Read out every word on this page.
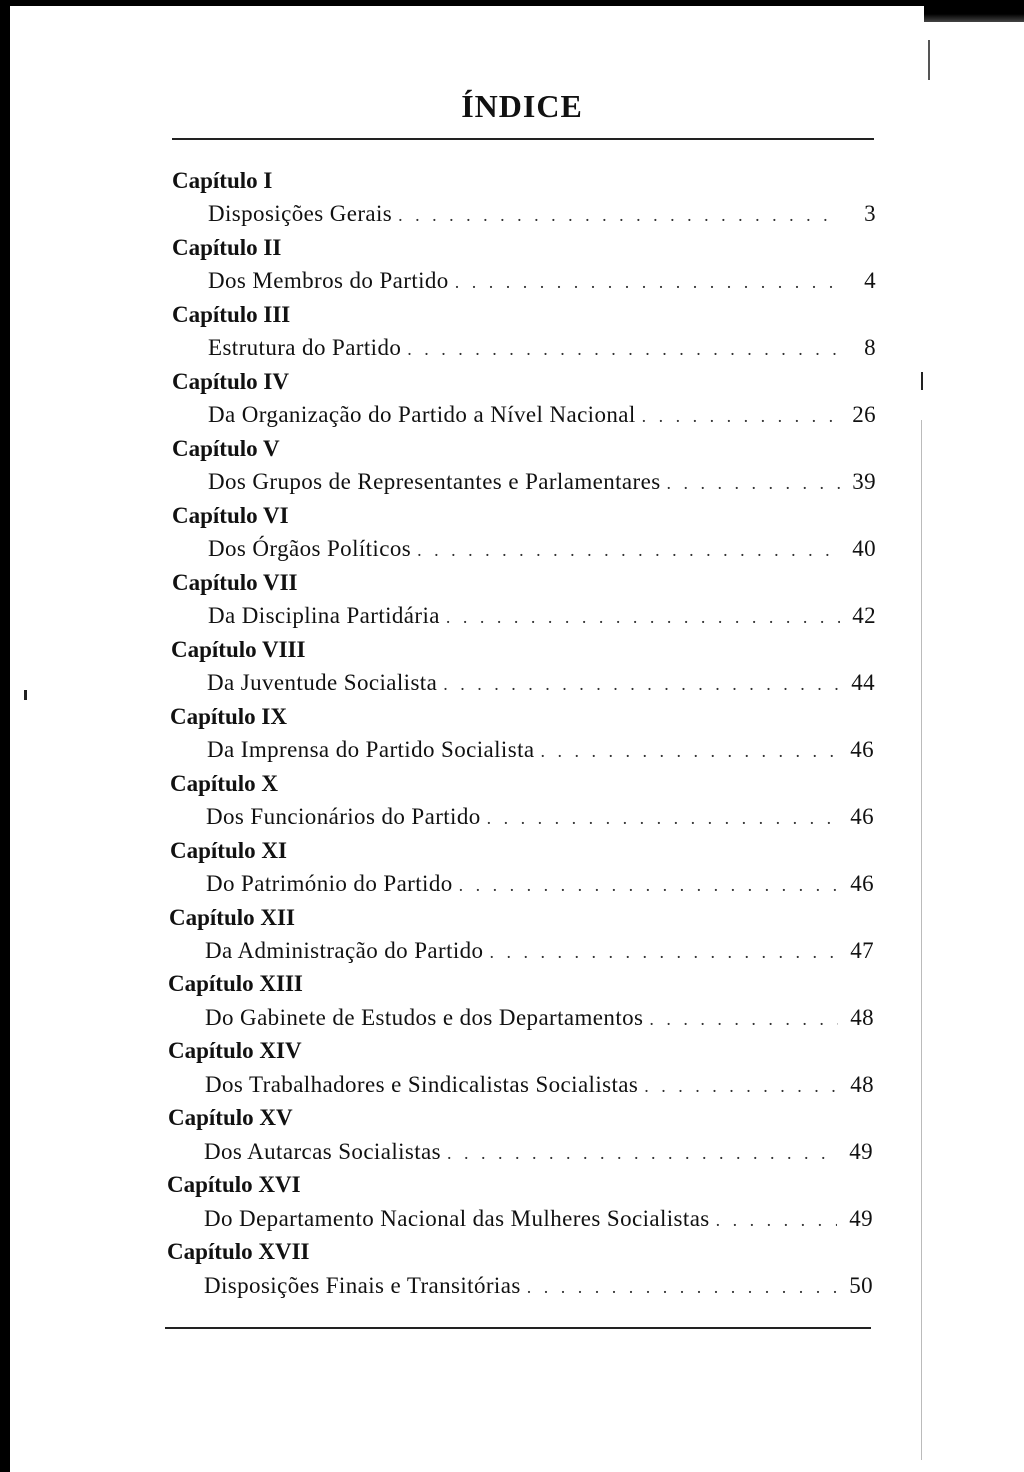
ÍNDICE
Capítulo I
Disposições Gerais . . .	3
Capítulo II
Dos Membros do Partido . . .	4
Capítulo III
Estrutura do Partido . . .	8
Capítulo IV
Da Organização do Partido a Nível Nacional . . .	26
Capítulo V
Dos Grupos de Representantes e Parlamentares . . .	39
Capítulo VI
Dos Órgãos Políticos . . .	40
Capítulo VII
Da Disciplina Partidária . . .	42
Capítulo VIII
Da Juventude Socialista . . .	44
Capítulo IX
Da Imprensa do Partido Socialista . . .	46
Capítulo X
Dos Funcionários do Partido . . .	46
Capítulo XI
Do Património do Partido . . .	46
Capítulo XII
Da Administração do Partido . . .	47
Capítulo XIII
Do Gabinete de Estudos e dos Departamentos . . .	48
Capítulo XIV
Dos Trabalhadores e Sindicalistas Socialistas . . .	48
Capítulo XV
Dos Autarcas Socialistas . . .	49
Capítulo XVI
Do Departamento Nacional das Mulheres Socialistas . . .	49
Capítulo XVII
Disposições Finais e Transitórias . . .	50
